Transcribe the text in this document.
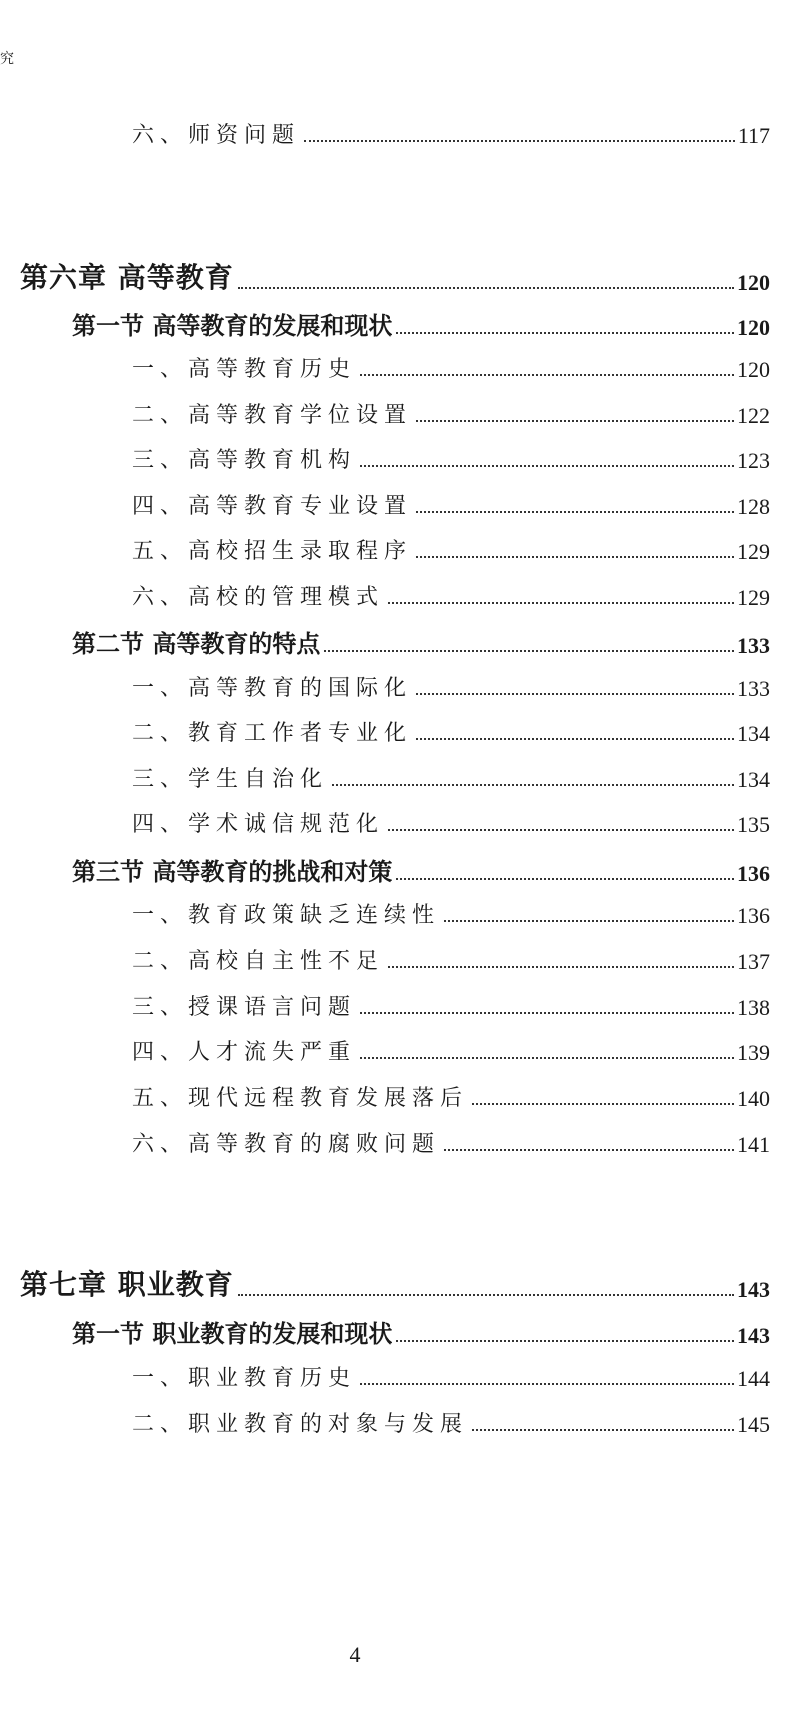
究
六、师资问题	117
第六章 高等教育	120
第一节 高等教育的发展和现状	120
一、高等教育历史	120
二、高等教育学位设置	122
三、高等教育机构	123
四、高等教育专业设置	128
五、高校招生录取程序	129
六、高校的管理模式	129
第二节 高等教育的特点	133
一、高等教育的国际化	133
二、教育工作者专业化	134
三、学生自治化	134
四、学术诚信规范化	135
第三节 高等教育的挑战和对策	136
一、教育政策缺乏连续性	136
二、高校自主性不足	137
三、授课语言问题	138
四、人才流失严重	139
五、现代远程教育发展落后	140
六、高等教育的腐败问题	141
第七章 职业教育	143
第一节 职业教育的发展和现状	143
一、职业教育历史	144
二、职业教育的对象与发展	145
4
